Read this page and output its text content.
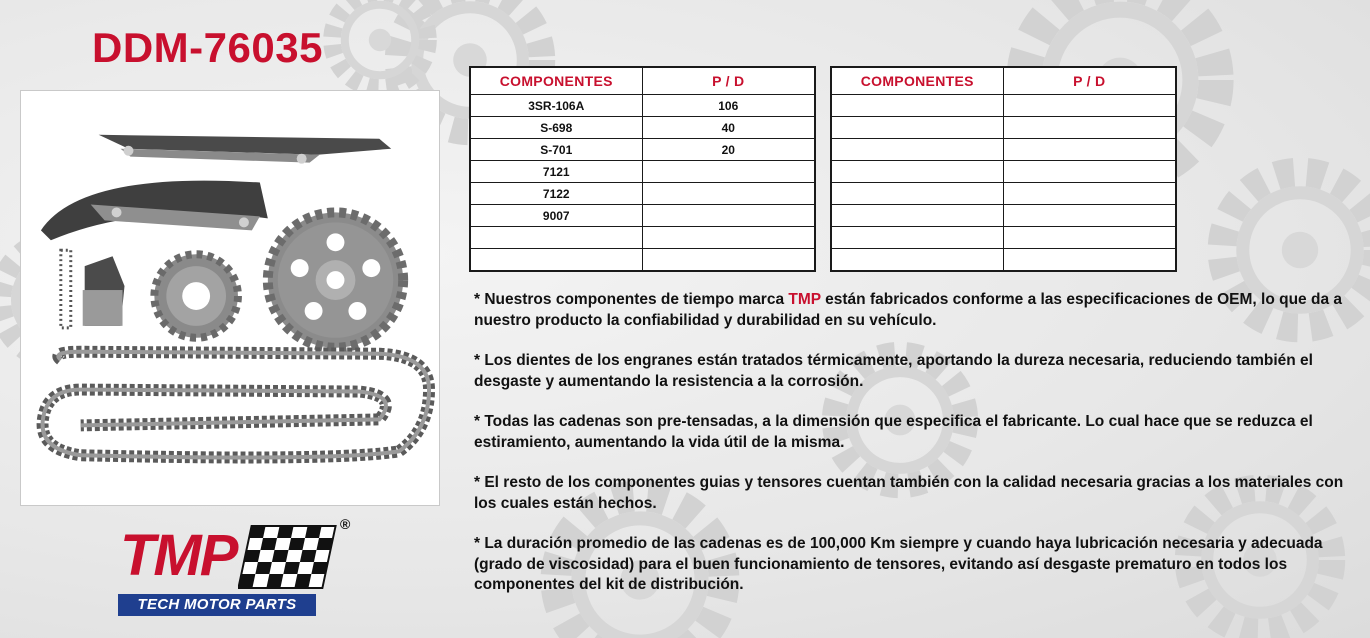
DDM-76035
COMPONENTES	P / D
3SR-106A	106
S-698	40
S-701	20
7121	
7122	
9007	

COMPONENTES	P / D

* Nuestros componentes de tiempo marca TMP están fabricados conforme a las especificaciones de OEM, lo que da a nuestro producto la confiabilidad y durabilidad en su vehículo.

* Los dientes de los engranes están tratados térmicamente, aportando la dureza necesaria, reduciendo también el desgaste y aumentando la resistencia a la corrosión.

* Todas las cadenas son pre-tensadas, a la dimensión que especifica el fabricante. Lo cual hace que se reduzca el estiramiento, aumentando la vida útil de la misma.

* El resto de los componentes guias y tensores cuentan también con la calidad necesaria gracias a los materiales con los cuales están hechos.

* La duración promedio de las cadenas es de 100,000 Km siempre y cuando haya lubricación necesaria y adecuada (grado de viscosidad) para el buen funcionamiento de tensores, evitando así desgaste prematuro en todos los componentes del kit de distribución.

TMP	®
TECH MOTOR PARTS
